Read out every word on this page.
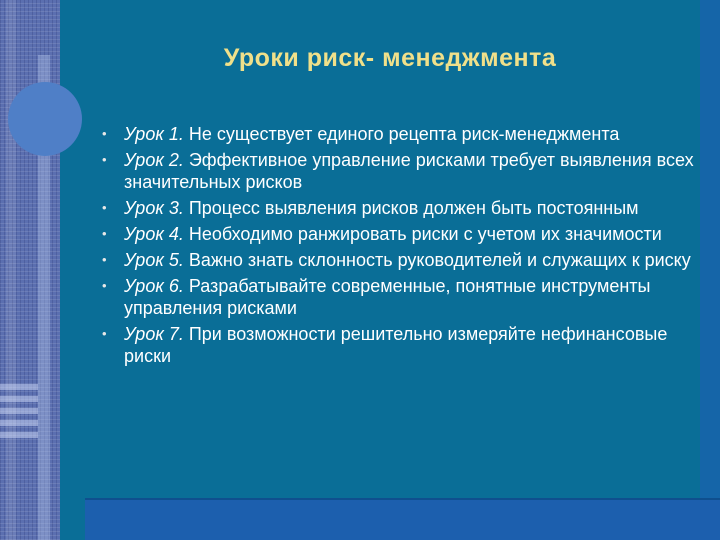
Уроки риск- менеджмента
• Урок 1. Не существует единого рецепта риск-менеджмента
• Урок 2. Эффективное управление рисками требует выявления всех значительных рисков
• Урок 3. Процесс выявления рисков должен быть постоянным
• Урок 4. Необходимо ранжировать риски с учетом их значимости
• Урок 5. Важно знать склонность руководителей и служащих к риску
• Урок 6. Разрабатывайте современные, понятные инструменты управления рисками
• Урок 7. При возможности решительно измеряйте нефинансовые риски
